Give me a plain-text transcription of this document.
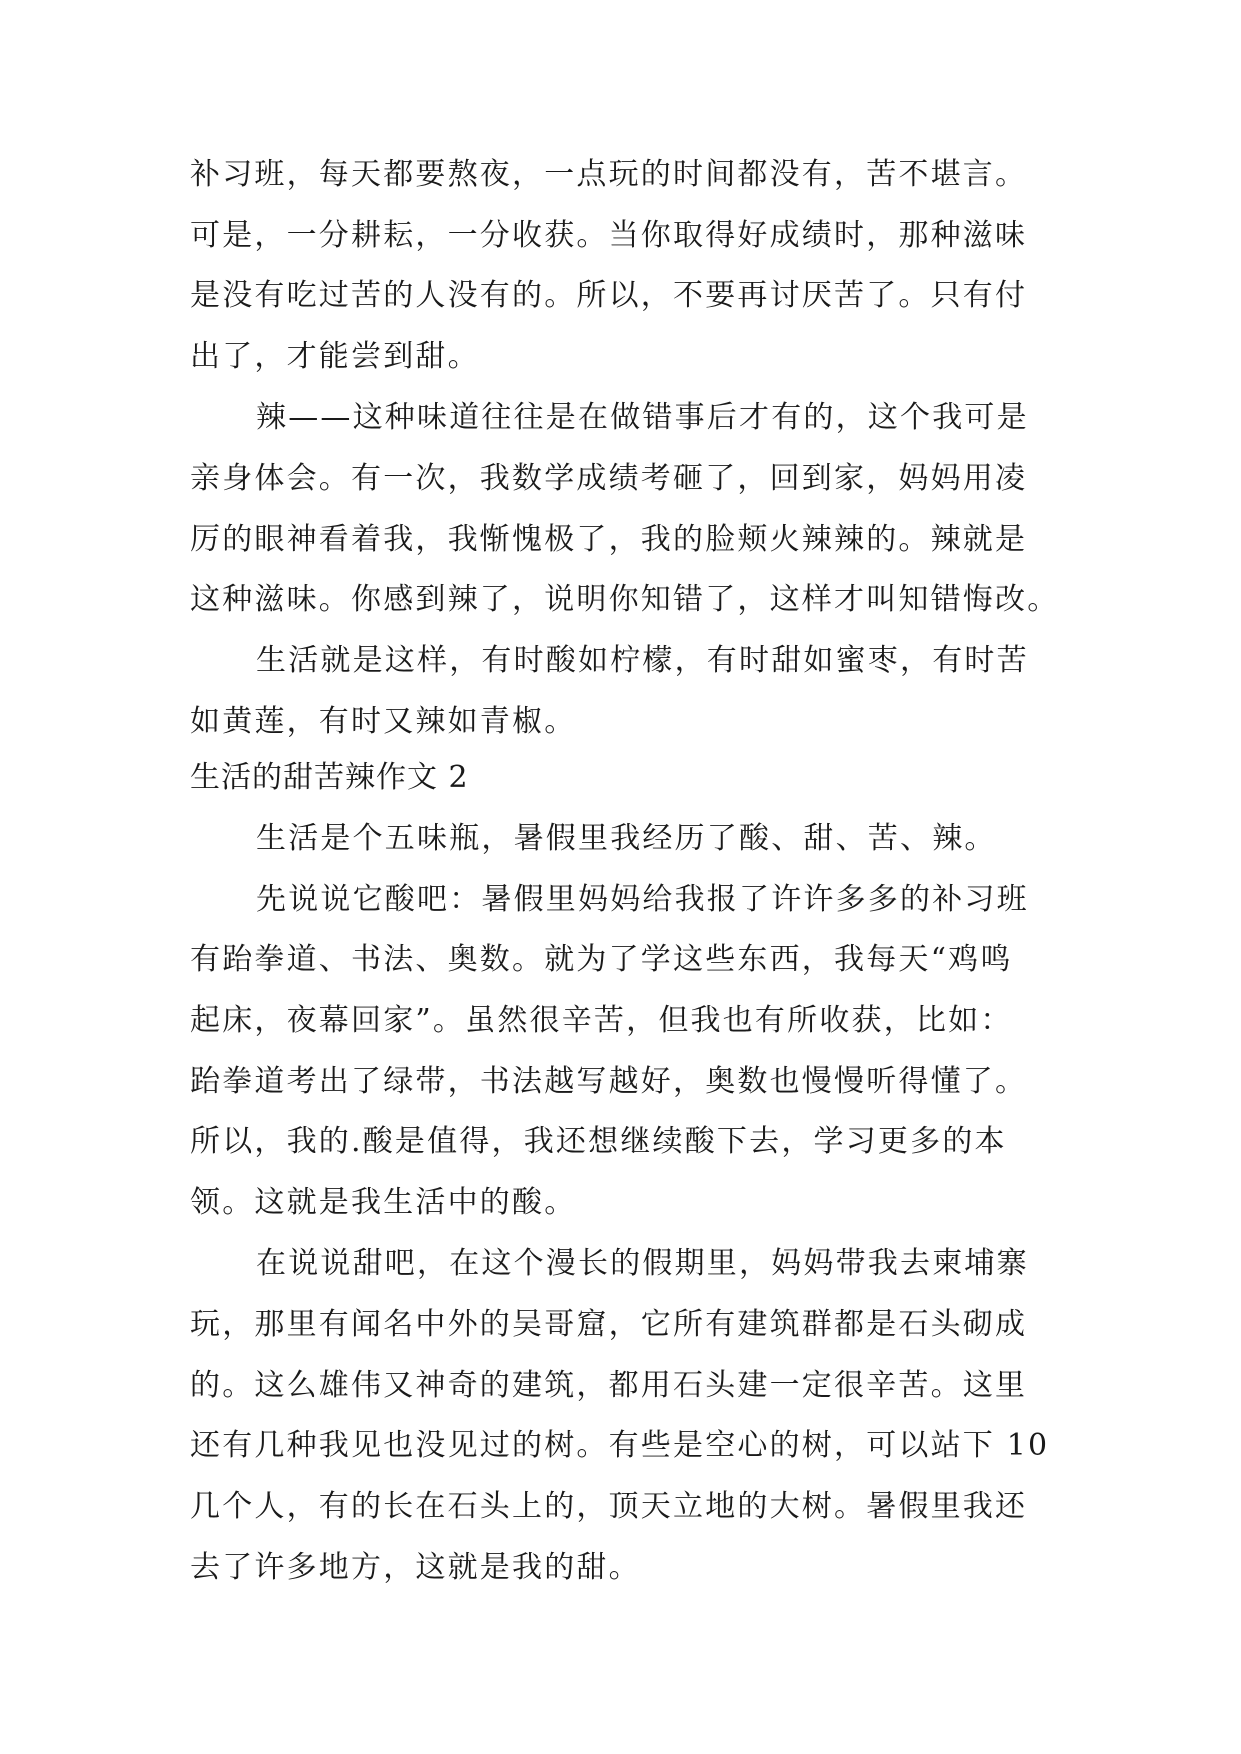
补习班，每天都要熬夜，一点玩的时间都没有，苦不堪言。
可是，一分耕耘，一分收获。当你取得好成绩时，那种滋味
是没有吃过苦的人没有的。所以，不要再讨厌苦了。只有付
出了，才能尝到甜。
辣——这种味道往往是在做错事后才有的，这个我可是
亲身体会。有一次，我数学成绩考砸了，回到家，妈妈用凌
厉的眼神看着我，我惭愧极了，我的脸颊火辣辣的。辣就是
这种滋味。你感到辣了，说明你知错了，这样才叫知错悔改。
生活就是这样，有时酸如柠檬，有时甜如蜜枣，有时苦
如黄莲，有时又辣如青椒。
生活的甜苦辣作文 2
生活是个五味瓶，暑假里我经历了酸、甜、苦、辣。
先说说它酸吧：暑假里妈妈给我报了许许多多的补习班
有跆拳道、书法、奥数。就为了学这些东西，我每天“鸡鸣
起床，夜幕回家”。虽然很辛苦，但我也有所收获，比如：
跆拳道考出了绿带，书法越写越好，奥数也慢慢听得懂了。
所以，我的.酸是值得，我还想继续酸下去，学习更多的本
领。这就是我生活中的酸。
在说说甜吧，在这个漫长的假期里，妈妈带我去柬埔寨
玩，那里有闻名中外的吴哥窟，它所有建筑群都是石头砌成
的。这么雄伟又神奇的建筑，都用石头建一定很辛苦。这里
还有几种我见也没见过的树。有些是空心的树，可以站下 10
几个人，有的长在石头上的，顶天立地的大树。暑假里我还
去了许多地方，这就是我的甜。
